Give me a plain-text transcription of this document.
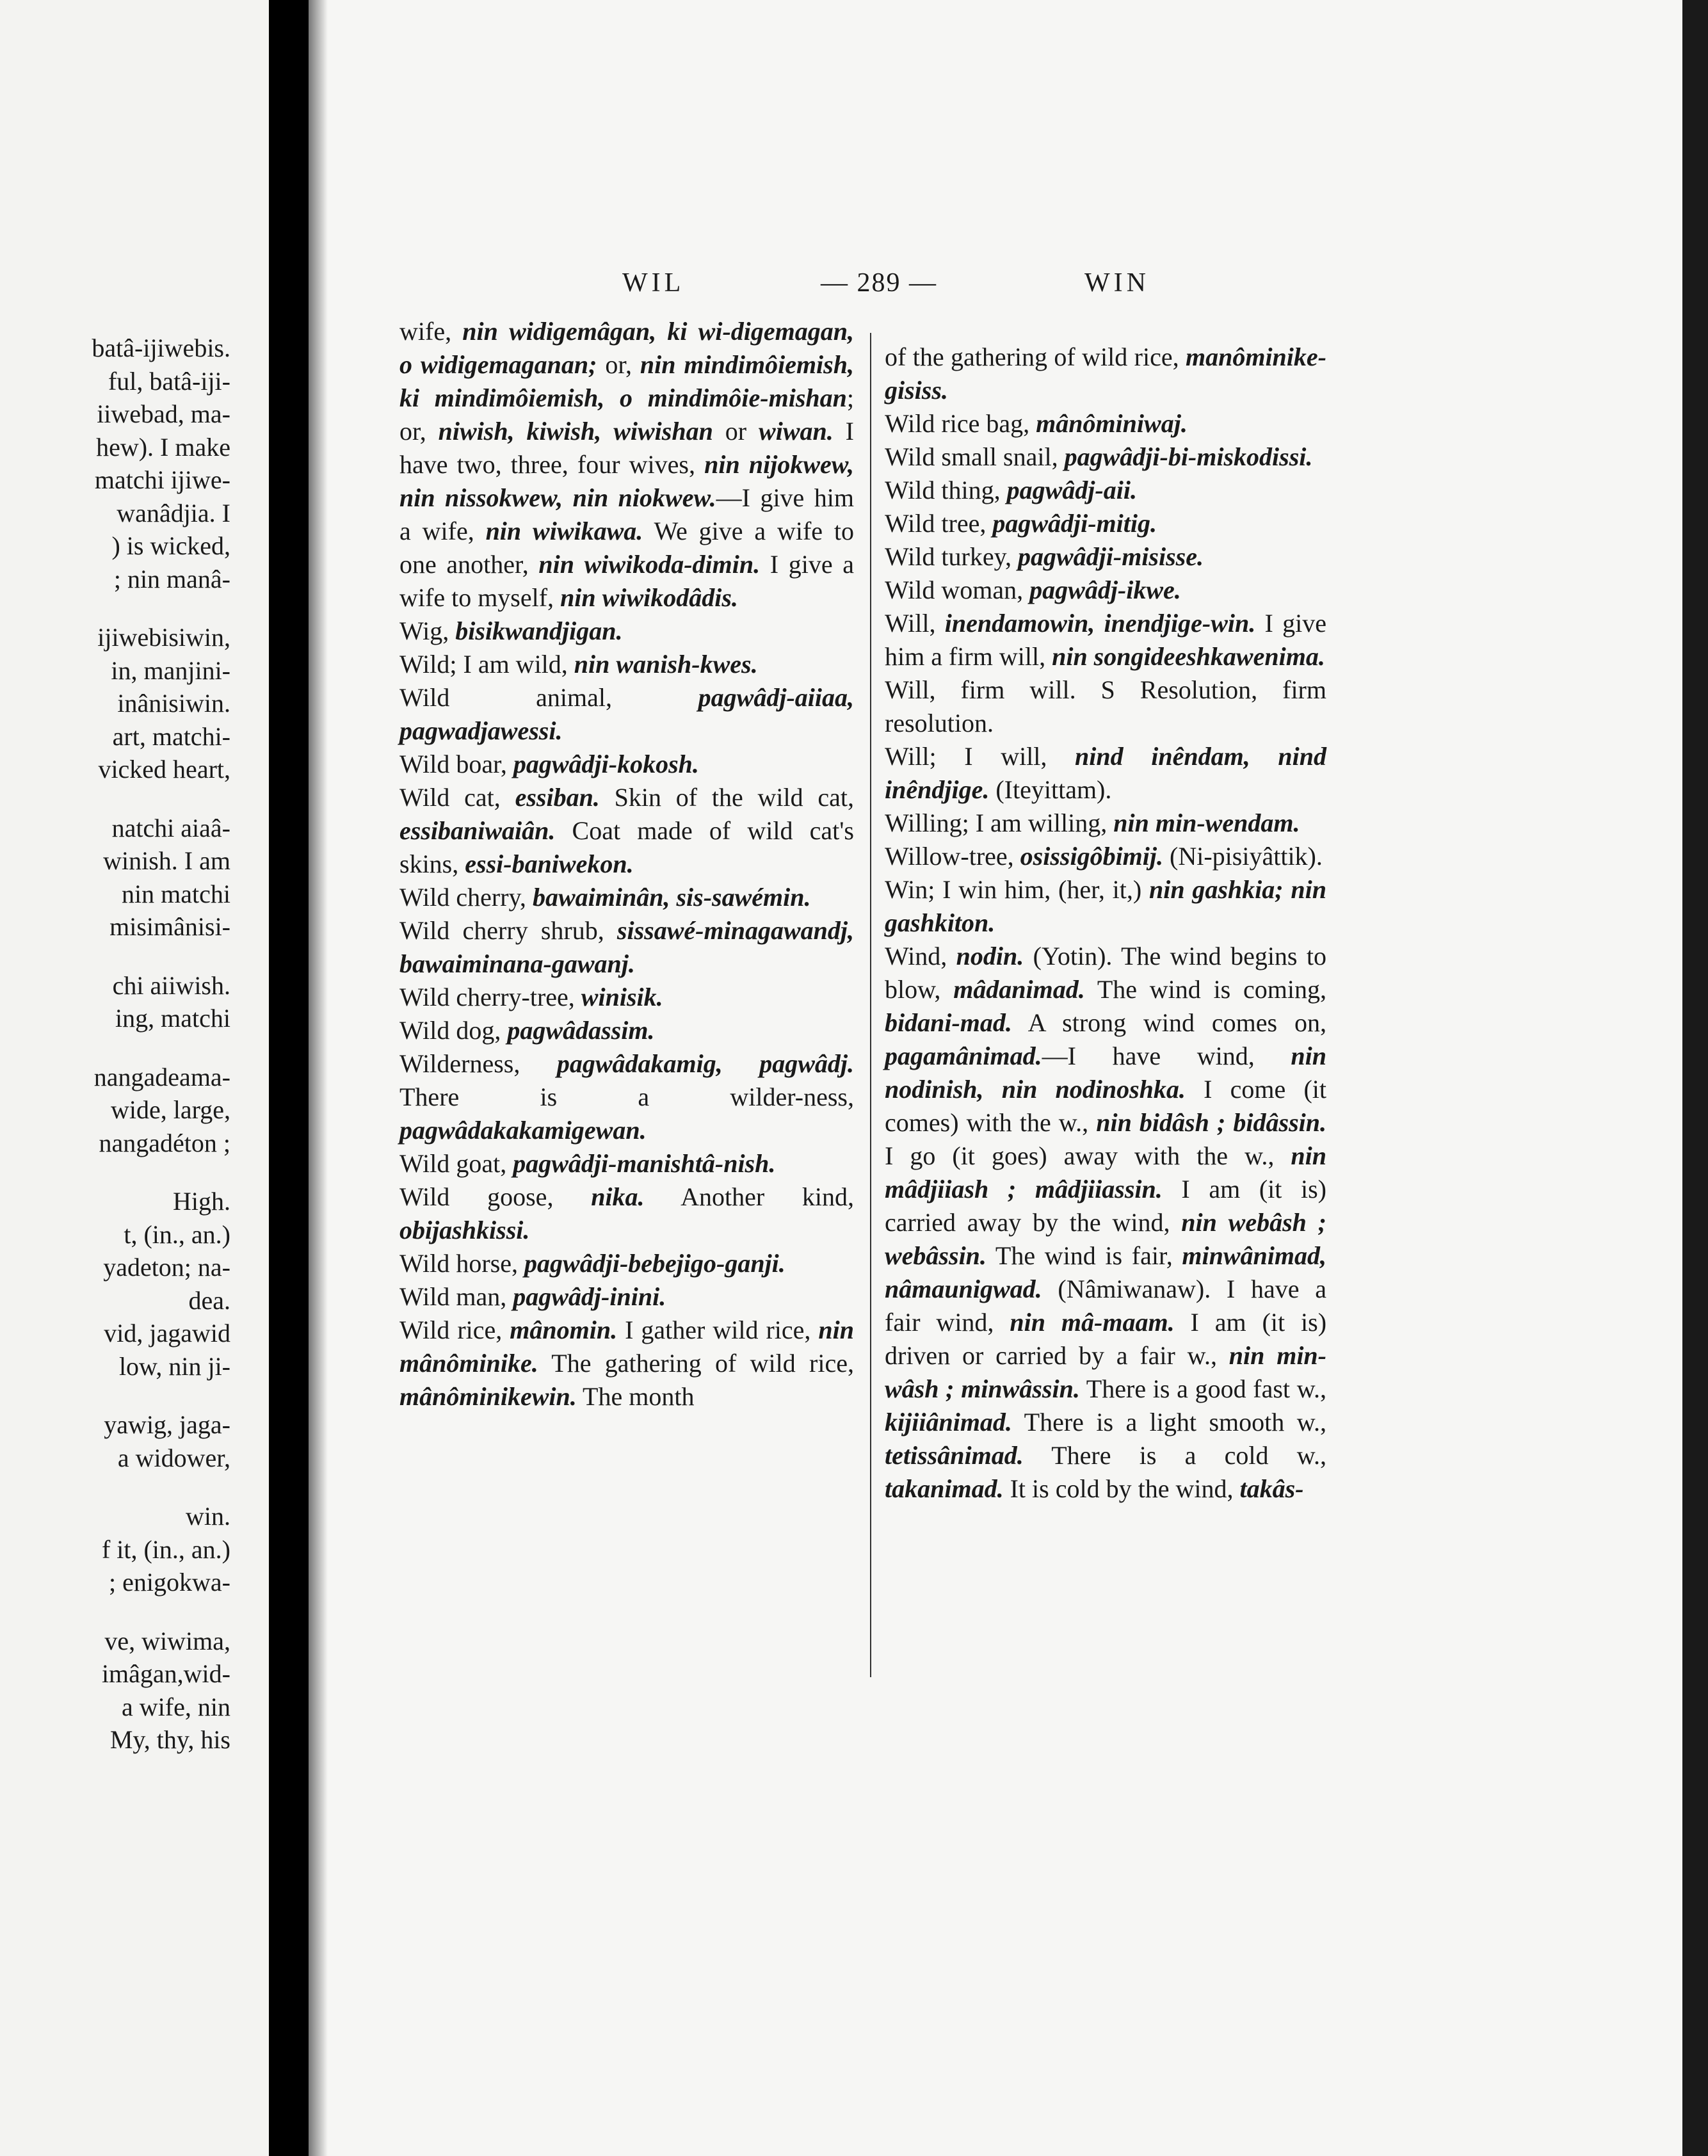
batâ-ijiwebis.
ful, batâ-iji-
iiwebad, ma-
hew). I make
matchi ijiwe-
wanâdjia. I
) is wicked,
; nin manâ-
ijiwebisiwin,
in, manjini-
inânisiwin.
art, matchi-
vicked heart,
natchi aiaâ-
winish. I am
nin matchi
misimânisi-
chi aiiwish.
ing, matchi
nangadeama-
wide, large,
nangadéton ;
High.
t, (in., an.)
yadeton; na-
dea.
vid, jagawid
low, nin ji-
yawig, jaga-
a widower,
win.
f it, (in., an.)
; enigokwa-
ve, wiwima,
imâgan,wid-
a wife, nin
My, thy, his
WIL	— 289 —	WIN

wife, nin widigemâgan, ki wi-digemagan, o widigemaganan; or, nin mindimôiemish, ki mindimôiemish, o mindimôie-mishan; or, niwish, kiwish, wiwishan or wiwan. I have two, three, four wives, nin nijokwew, nin nissokwew, nin niokwew.—I give him a wife, nin wiwikawa. We give a wife to one another, nin wiwikoda-dimin. I give a wife to myself, nin wiwikodâdis.

Wig, bisikwandjigan.

Wild; I am wild, nin wanish-kwes.

Wild animal, pagwâdj-aiiaa, pagwadjawessi.

Wild boar, pagwâdji-kokosh.

Wild cat, essiban. Skin of the wild cat, essibaniwaiân. Coat made of wild cat's skins, essi-baniwekon.

Wild cherry, bawaiminân, sis-sawémin.

Wild cherry shrub, sissawé-minagawandj, bawaiminana-gawanj.

Wild cherry-tree, winisik.

Wild dog, pagwâdassim.

Wilderness, pagwâdakamig, pagwâdj. There is a wilder-ness, pagwâdakakamigewan.

Wild goat, pagwâdji-manishtâ-nish.

Wild goose, nika. Another kind, obijashkissi.

Wild horse, pagwâdji-bebejigo-ganji.

Wild man, pagwâdj-inini.

Wild rice, mânomin. I gather wild rice, nin mânôminike. The gathering of wild rice, mânôminikewin. The month

of the gathering of wild rice, manôminike-gisiss.

Wild rice bag, mânôminiwaj.

Wild small snail, pagwâdji-bi-miskodissi.

Wild thing, pagwâdj-aii.

Wild tree, pagwâdji-mitig.

Wild turkey, pagwâdji-misisse.

Wild woman, pagwâdj-ikwe.

Will, inendamowin, inendjige-win. I give him a firm will, nin songideeshkawenima.

Will, firm will. S Resolution, firm resolution.

Will; I will, nind inêndam, nind inêndjige. (Iteyittam).

Willing; I am willing, nin min-wendam.

Willow-tree, osissigôbimij. (Ni-pisiyâttik).

Win; I win him, (her, it,) nin gashkia; nin gashkiton.

Wind, nodin. (Yotin). The wind begins to blow, mâdanimad. The wind is coming, bidani-mad. A strong wind comes on, pagamânimad.—I have wind, nin nodinish, nin nodinoshka. I come (it comes) with the w., nin bidâsh ; bidâssin. I go (it goes) away with the w., nin mâdjiiash ; mâdjiiassin. I am (it is) carried away by the wind, nin webâsh ; webâssin. The wind is fair, minwânimad, nâmaunigwad. (Nâmiwanaw). I have a fair wind, nin mâ-maam. I am (it is) driven or carried by a fair w., nin min-wâsh ; minwâssin. There is a good fast w., kijiiânimad. There is a light smooth w., tetissânimad. There is a cold w., takanimad. It is cold by the wind, takâs-
